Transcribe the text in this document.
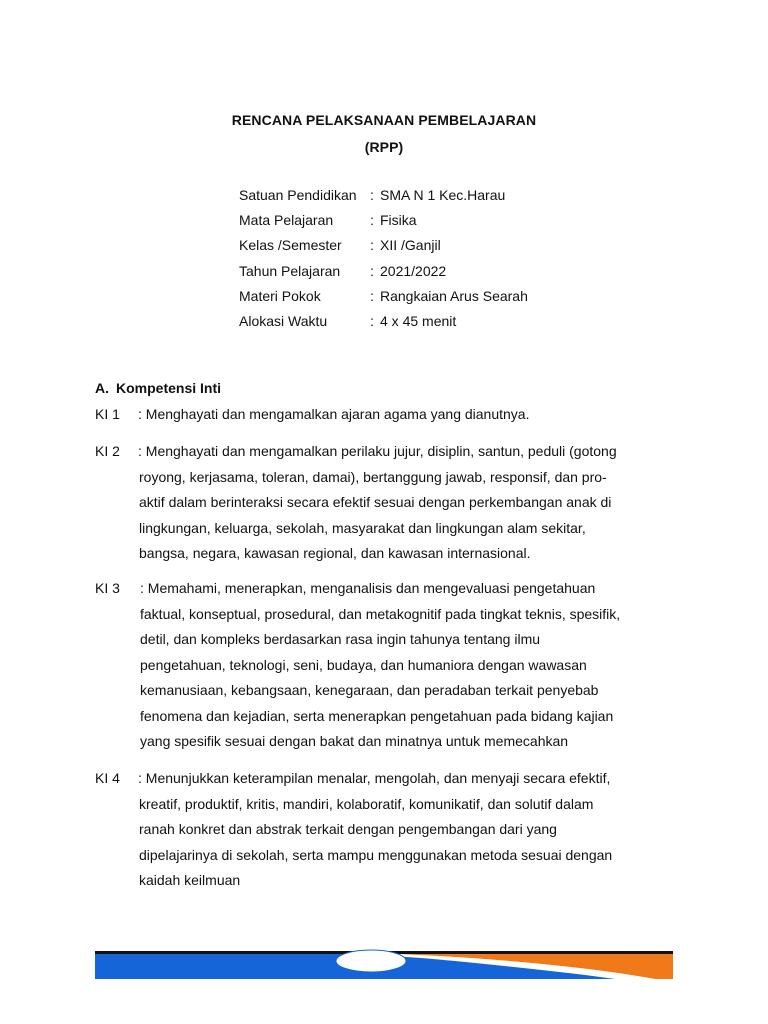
RENCANA PELAKSANAAN PEMBELAJARAN
(RPP)
Satuan Pendidikan	:	SMA N 1 Kec.Harau
Mata Pelajaran	:	Fisika
Kelas /Semester	:	XII /Ganjil
Tahun Pelajaran	:	2021/2022
Materi Pokok	:	Rangkaian Arus Searah
Alokasi Waktu	:	4 x 45 menit
A. Kompetensi Inti
KI 1 : Menghayati dan mengamalkan ajaran agama yang dianutnya.
KI 2 : Menghayati dan mengamalkan perilaku jujur, disiplin, santun, peduli (gotong
royong, kerjasama, toleran, damai), bertanggung jawab, responsif, dan pro-
aktif dalam berinteraksi secara efektif sesuai dengan perkembangan anak di
lingkungan, keluarga, sekolah, masyarakat dan lingkungan alam sekitar,
bangsa, negara, kawasan regional, dan kawasan internasional.
KI 3 : Memahami, menerapkan, menganalisis dan mengevaluasi pengetahuan
faktual, konseptual, prosedural, dan metakognitif pada tingkat teknis, spesifik,
detil, dan kompleks berdasarkan rasa ingin tahunya tentang ilmu
pengetahuan, teknologi, seni, budaya, dan humaniora dengan wawasan
kemanusiaan, kebangsaan, kenegaraan, dan peradaban terkait penyebab
fenomena dan kejadian, serta menerapkan pengetahuan pada bidang kajian
yang spesifik sesuai dengan bakat dan minatnya untuk memecahkan
KI 4 : Menunjukkan keterampilan menalar, mengolah, dan menyaji secara efektif,
kreatif, produktif, kritis, mandiri, kolaboratif, komunikatif, dan solutif dalam
ranah konkret dan abstrak terkait dengan pengembangan dari yang
dipelajarinya di sekolah, serta mampu menggunakan metoda sesuai dengan
kaidah keilmuan
